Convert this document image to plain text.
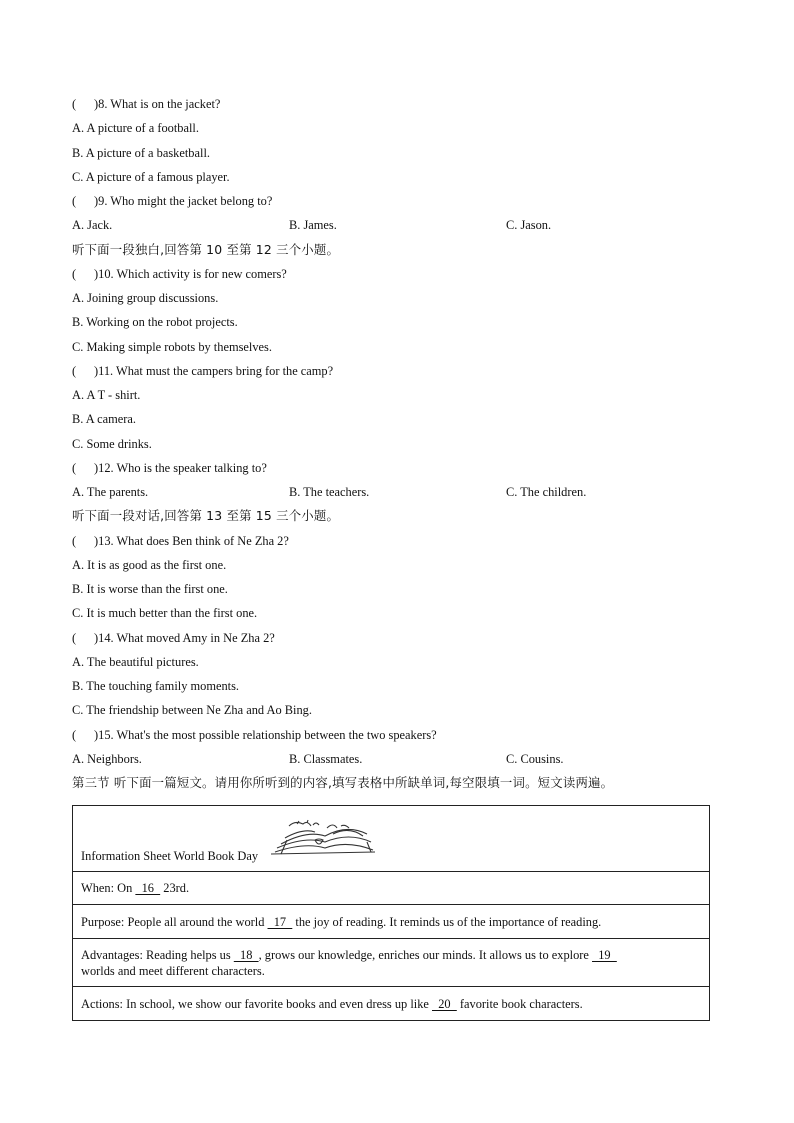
( )8. What is on the jacket?
A. A picture of a football.
B. A picture of a basketball.
C. A picture of a famous player.
( )9. Who might the jacket belong to?
A. Jack.	B. James.	C. Jason.
听下面一段独白,回答第 10 至第 12 三个小题。
( )10. Which activity is for new comers?
A. Joining group discussions.
B. Working on the robot projects.
C. Making simple robots by themselves.
( )11. What must the campers bring for the camp?
A. A T - shirt.
B. A camera.
C. Some drinks.
( )12. Who is the speaker talking to?
A. The parents.	B. The teachers.	C. The children.
听下面一段对话,回答第 13 至第 15 三个小题。
( )13. What does Ben think of Ne Zha 2?
A. It is as good as the first one.
B. It is worse than the first one.
C. It is much better than the first one.
( )14. What moved Amy in Ne Zha 2?
A. The beautiful pictures.
B. The touching family moments.
C. The friendship between Ne Zha and Ao Bing.
( )15. What's the most possible relationship between the two speakers?
A. Neighbors.	B. Classmates.	C. Cousins.
第三节 听下面一篇短文。请用你所听到的内容,填写表格中所缺单词,每空限填一词。短文读两遍。
Information Sheet World Book Day
When: On   16   23rd.
Purpose: People all around the world   17   the joy of reading. It reminds us of the importance of reading.
Advantages: Reading helps us   18  , grows our knowledge, enriches our minds. It allows us to explore   19
worlds and meet different characters.
Actions: In school, we show our favorite books and even dress up like   20   favorite book characters.
